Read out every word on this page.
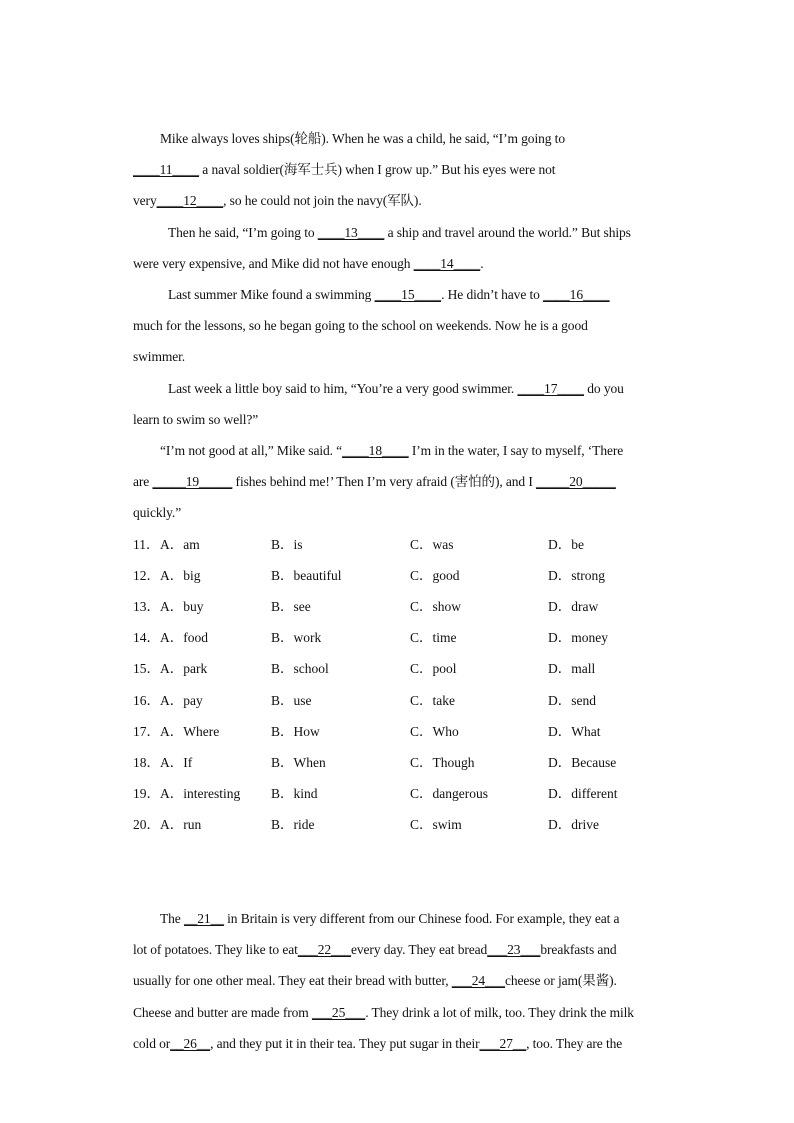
Mike always loves ships(轮船). When he was a child, he said, “I’m going to
____11____ a naval soldier(海军士兵) when I grow up.” But his eyes were not
very____12____, so he could not join the navy(军队).
Then he said, “I’m going to ____13____ a ship and travel around the world.” But ships
were very expensive, and Mike did not have enough ____14____.
Last summer Mike found a swimming ____15____. He didn’t have to ____16____
much for the lessons, so he began going to the school on weekends. Now he is a good
swimmer.
Last week a little boy said to him, “You’re a very good swimmer. ____17____ do you
learn to swim so well?”
“I’m not good at all,” Mike said. “____18____ I’m in the water, I say to myself, ‘There
are _____19_____ fishes behind me!’ Then I’m very afraid (害怕的), and I _____20_____
quickly.”
11． A．am	B．is	C．was	D．be
12． A．big	B．beautiful	C．good	D．strong
13． A．buy	B．see	C．show	D．draw
14． A．food	B．work	C．time	D．money
15． A．park	B．school	C．pool	D．mall
16． A．pay	B．use	C．take	D．send
17． A．Where	B．How	C．Who	D．What
18． A．If	B．When	C．Though	D．Because
19． A．interesting B．kind	C．dangerous	D．different
20． A．run	B．ride	C．swim	D．drive
The __21__ in Britain is very different from our Chinese food. For example, they eat a
lot of potatoes. They like to eat___22___every day. They eat bread___23___breakfasts and
usually for one other meal. They eat their bread with butter, ___24___cheese or jam(果酱).
Cheese and butter are made from ___25___. They drink a lot of milk, too. They drink the milk
cold or__26__, and they put it in their tea. They put sugar in their___27__, too. They are the
